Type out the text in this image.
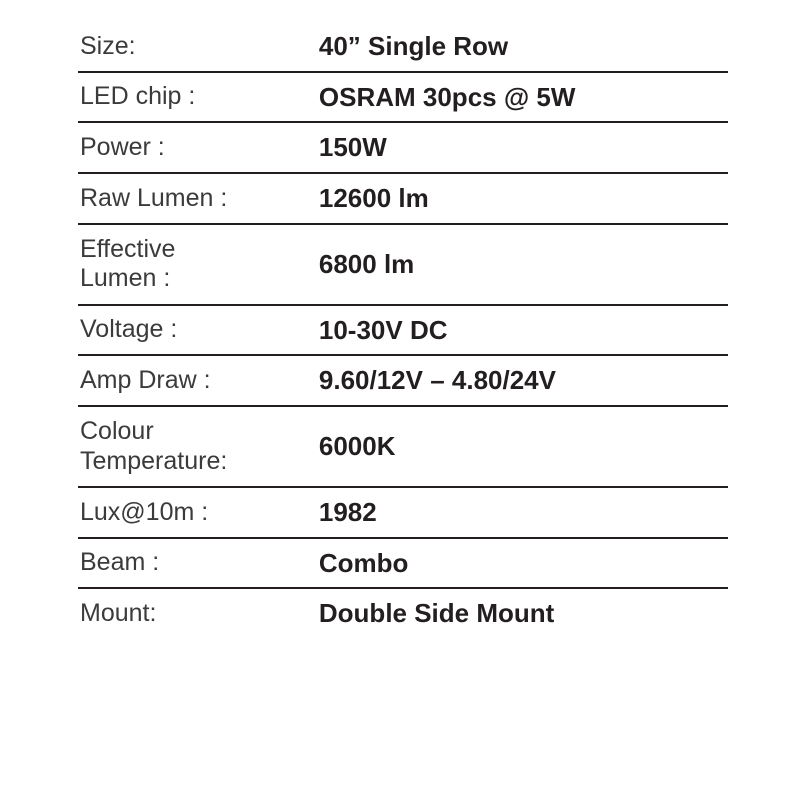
Size:	40” Single Row
LED chip :	OSRAM 30pcs @ 5W
Power :	150W
Raw Lumen :	12600 lm
Effective
Lumen :	6800 lm
Voltage :	10-30V DC
Amp Draw :	9.60/12V – 4.80/24V
Colour
Temperature:	6000K
Lux@10m :	1982
Beam :	Combo
Mount:	Double Side Mount
